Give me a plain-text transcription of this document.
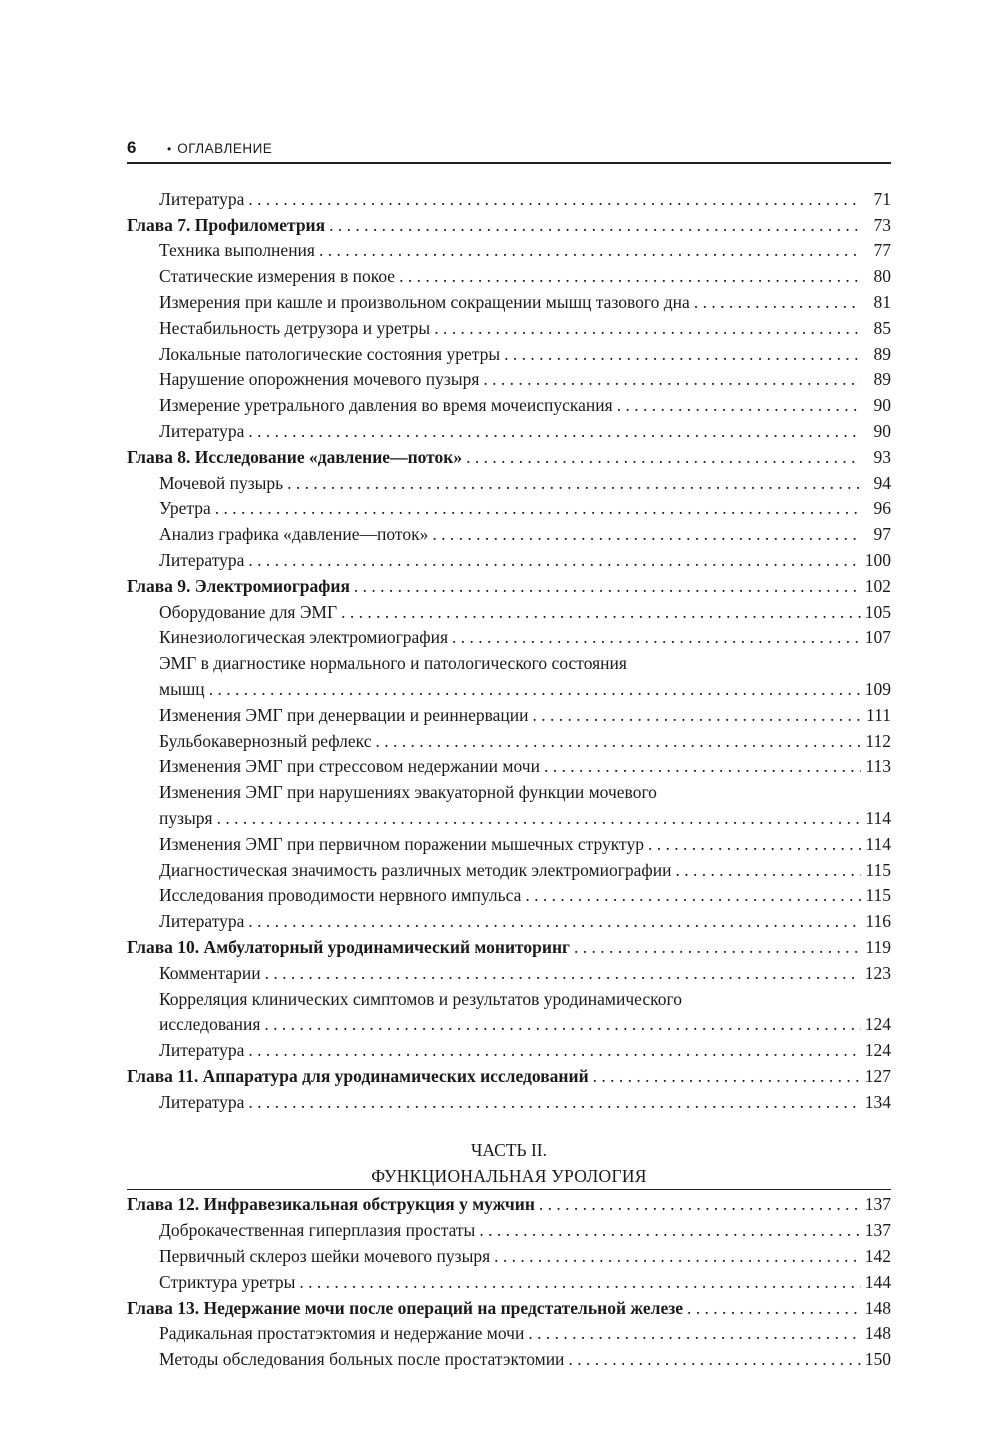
6	• ОГЛАВЛЕНИЕ
Литература . . .	71
Глава 7. Профилометрия . . .	73
Техника выполнения . . .	77
Статические измерения в покое . . .	80
Измерения при кашле и произвольном сокращении мышц тазового дна . . .	81
Нестабильность детрузора и уретры . . .	85
Локальные патологические состояния уретры . . .	89
Нарушение опорожнения мочевого пузыря . . .	89
Измерение уретрального давления во время мочеиспускания . . .	90
Литература . . .	90
Глава 8. Исследование «давление—поток» . . .	93
Мочевой пузырь . . .	94
Уретра . . .	96
Анализ графика «давление—поток» . . .	97
Литература . . .	100
Глава 9. Электромиография . . .	102
Оборудование для ЭМГ . . .	105
Кинезиологическая электромиография . . .	107
ЭМГ в диагностике нормального и патологического состояния
мышц . . .	109
Изменения ЭМГ при денервации и реиннервации . . .	111
Бульбокавернозный рефлекс . . .	112
Изменения ЭМГ при стрессовом недержании мочи . . .	113
Изменения ЭМГ при нарушениях эвакуаторной функции мочевого
пузыря . . .	114
Изменения ЭМГ при первичном поражении мышечных структур . . .	114
Диагностическая значимость различных методик электромиографии . . .	115
Исследования проводимости нервного импульса . . .	115
Литература . . .	116
Глава 10. Амбулаторный уродинамический мониторинг . . .	119
Комментарии . . .	123
Корреляция клинических симптомов и результатов уродинамического
исследования . . .	124
Литература . . .	124
Глава 11. Аппаратура для уродинамических исследований . . .	127
Литература . . .	134
ЧАСТЬ II.
ФУНКЦИОНАЛЬНАЯ УРОЛОГИЯ
Глава 12. Инфравезикальная обструкция у мужчин . . .	137
Доброкачественная гиперплазия простаты . . .	137
Первичный склероз шейки мочевого пузыря . . .	142
Стриктура уретры . . .	144
Глава 13. Недержание мочи после операций на предстательной железе . . .	148
Радикальная простатэктомия и недержание мочи . . .	148
Методы обследования больных после простатэктомии . . .	150
